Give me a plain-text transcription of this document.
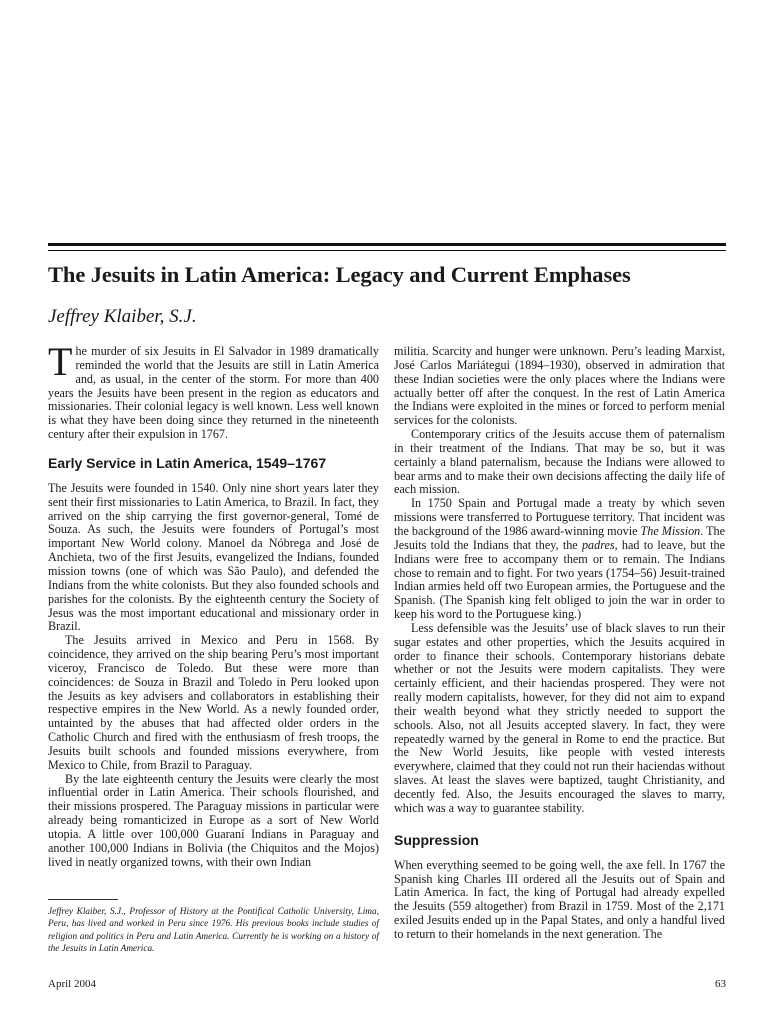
The Jesuits in Latin America: Legacy and Current Emphases

Jeffrey Klaiber, S.J.

The murder of six Jesuits in El Salvador in 1989 dramatically reminded the world that the Jesuits are still in Latin America and, as usual, in the center of the storm. For more than 400 years the Jesuits have been present in the region as educators and missionaries. Their colonial legacy is well known. Less well known is what they have been doing since they returned in the nineteenth century after their expulsion in 1767.

Early Service in Latin America, 1549–1767

The Jesuits were founded in 1540. Only nine short years later they sent their first missionaries to Latin America, to Brazil. In fact, they arrived on the ship carrying the first governor-general, Tomé de Souza. As such, the Jesuits were founders of Portugal’s most important New World colony. Manoel da Nóbrega and José de Anchieta, two of the first Jesuits, evangelized the Indians, founded mission towns (one of which was São Paulo), and defended the Indians from the white colonists. But they also founded schools and parishes for the colonists. By the eighteenth century the Society of Jesus was the most important educational and missionary order in Brazil.

The Jesuits arrived in Mexico and Peru in 1568. By coincidence, they arrived on the ship bearing Peru’s most important viceroy, Francisco de Toledo. But these were more than coincidences: de Souza in Brazil and Toledo in Peru looked upon the Jesuits as key advisers and collaborators in establishing their respective empires in the New World. As a newly founded order, untainted by the abuses that had affected older orders in the Catholic Church and fired with the enthusiasm of fresh troops, the Jesuits built schools and founded missions everywhere, from Mexico to Chile, from Brazil to Paraguay.

By the late eighteenth century the Jesuits were clearly the most influential order in Latin America. Their schools flourished, and their missions prospered. The Paraguay missions in particular were already being romanticized in Europe as a sort of New World utopia. A little over 100,000 Guaraní Indians in Paraguay and another 100,000 Indians in Bolivia (the Chiquitos and the Mojos) lived in neatly organized towns, with their own Indian

militia. Scarcity and hunger were unknown. Peru’s leading Marxist, José Carlos Mariátegui (1894–1930), observed in admiration that these Indian societies were the only places where the Indians were actually better off after the conquest. In the rest of Latin America the Indians were exploited in the mines or forced to perform menial services for the colonists.

Contemporary critics of the Jesuits accuse them of paternalism in their treatment of the Indians. That may be so, but it was certainly a bland paternalism, because the Indians were allowed to bear arms and to make their own decisions affecting the daily life of each mission.

In 1750 Spain and Portugal made a treaty by which seven missions were transferred to Portuguese territory. That incident was the background of the 1986 award-winning movie The Mission. The Jesuits told the Indians that they, the padres, had to leave, but the Indians were free to accompany them or to remain. The Indians chose to remain and to fight. For two years (1754–56) Jesuit-trained Indian armies held off two European armies, the Portuguese and the Spanish. (The Spanish king felt obliged to join the war in order to keep his word to the Portuguese king.)

Less defensible was the Jesuits’ use of black slaves to run their sugar estates and other properties, which the Jesuits acquired in order to finance their schools. Contemporary historians debate whether or not the Jesuits were modern capitalists. They were certainly efficient, and their haciendas prospered. They were not really modern capitalists, however, for they did not aim to expand their wealth beyond what they strictly needed to support the schools. Also, not all Jesuits accepted slavery. In fact, they were repeatedly warned by the general in Rome to end the practice. But the New World Jesuits, like people with vested interests everywhere, claimed that they could not run their haciendas without slaves. At least the slaves were baptized, taught Christianity, and decently fed. Also, the Jesuits encouraged the slaves to marry, which was a way to guarantee stability.

Suppression

When everything seemed to be going well, the axe fell. In 1767 the Spanish king Charles III ordered all the Jesuits out of Spain and Latin America. In fact, the king of Portugal had already expelled the Jesuits (559 altogether) from Brazil in 1759. Most of the 2,171 exiled Jesuits ended up in the Papal States, and only a handful lived to return to their homelands in the next generation. The

Jeffrey Klaiber, S.J., Professor of History at the Pontifical Catholic University, Lima, Peru, has lived and worked in Peru since 1976. His previous books include studies of religion and politics in Peru and Latin America. Currently he is working on a history of the Jesuits in Latin America.

April 2004	63
